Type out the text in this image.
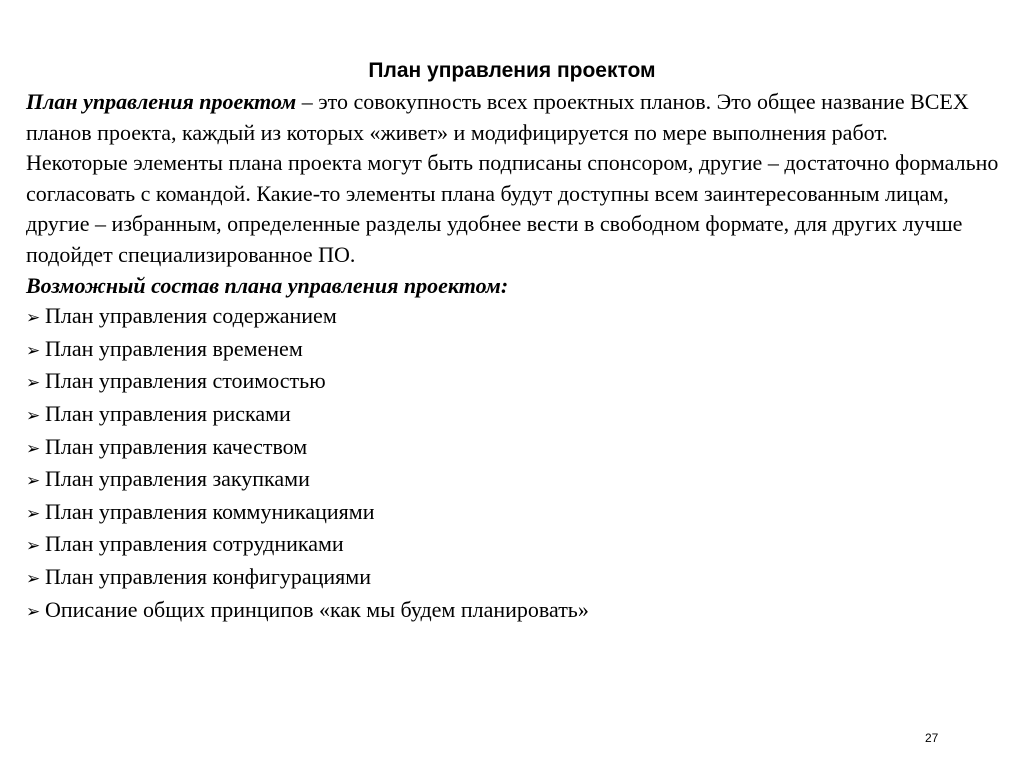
План управления проектом

План управления проектом – это совокупность всех проектных планов. Это общее название ВСЕХ планов проекта, каждый из которых «живет» и модифицируется по мере выполнения работ.

Некоторые элементы плана проекта могут быть подписаны спонсором, другие – достаточно формально согласовать с командой. Какие-то элементы плана будут доступны всем заинтересованным лицам, другие – избранным, определенные разделы удобнее вести в свободном формате, для других лучше подойдет специализированное ПО.

Возможный состав плана управления проектом:

➢ План управления содержанием
➢ План управления временем
➢ План управления стоимостью
➢ План управления рисками
➢ План управления качеством
➢ План управления закупками
➢ План управления коммуникациями
➢ План управления сотрудниками
➢ План управления конфигурациями
➢ Описание общих принципов «как мы будем планировать»
27
